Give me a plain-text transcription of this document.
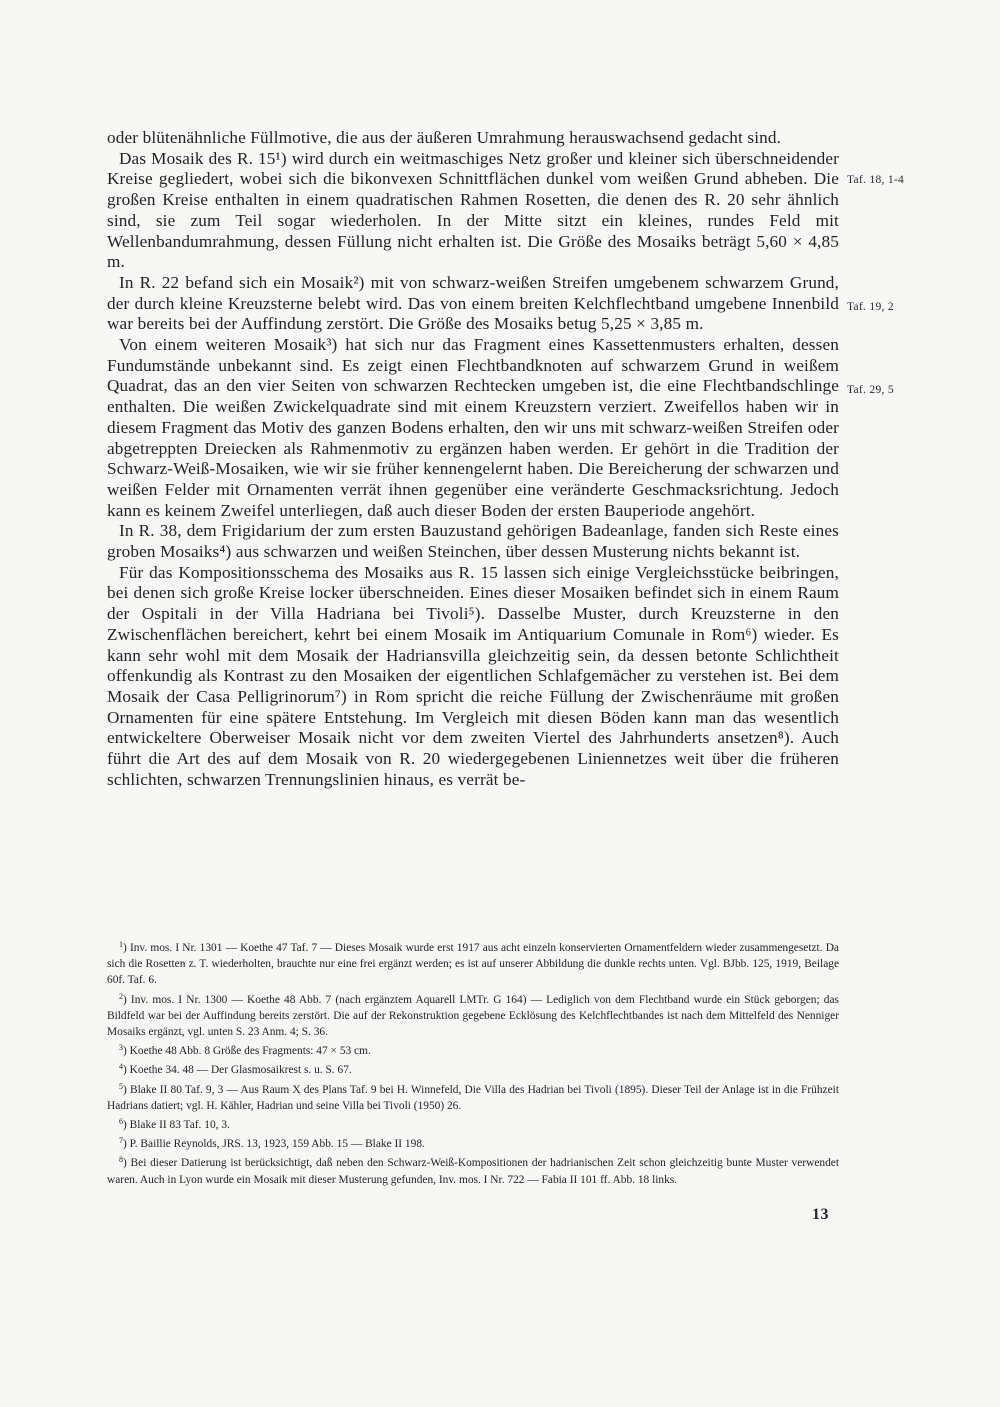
oder blütenähnliche Füllmotive, die aus der äußeren Umrahmung herauswachsend gedacht sind.

Das Mosaik des R. 15¹) wird durch ein weitmaschiges Netz großer und kleiner sich überschneidender Kreise gegliedert, wobei sich die bikonvexen Schnittflächen dunkel vom weißen Grund abheben. Die großen Kreise enthalten in einem quadratischen Rahmen Rosetten, die denen des R. 20 sehr ähnlich sind, sie zum Teil sogar wiederholen. In der Mitte sitzt ein kleines, rundes Feld mit Wellenbandumrahmung, dessen Füllung nicht erhalten ist. Die Größe des Mosaiks beträgt 5,60 × 4,85 m.

In R. 22 befand sich ein Mosaik²) mit von schwarz-weißen Streifen umgebenem schwarzem Grund, der durch kleine Kreuzsterne belebt wird. Das von einem breiten Kelchflechtband umgebene Innenbild war bereits bei der Auffindung zerstört. Die Größe des Mosaiks betug 5,25 × 3,85 m.

Von einem weiteren Mosaik³) hat sich nur das Fragment eines Kassettenmusters erhalten, dessen Fundumstände unbekannt sind. Es zeigt einen Flechtbandknoten auf schwarzem Grund in weißem Quadrat, das an den vier Seiten von schwarzen Rechtecken umgeben ist, die eine Flechtbandschlinge enthalten. Die weißen Zwickelquadrate sind mit einem Kreuzstern verziert. Zweifellos haben wir in diesem Fragment das Motiv des ganzen Bodens erhalten, den wir uns mit schwarz-weißen Streifen oder abgetreppten Dreiecken als Rahmenmotiv zu ergänzen haben werden. Er gehört in die Tradition der Schwarz-Weiß-Mosaiken, wie wir sie früher kennengelernt haben. Die Bereicherung der schwarzen und weißen Felder mit Ornamenten verrät ihnen gegenüber eine veränderte Geschmacksrichtung. Jedoch kann es keinem Zweifel unterliegen, daß auch dieser Boden der ersten Bauperiode angehört.

In R. 38, dem Frigidarium der zum ersten Bauzustand gehörigen Badeanlage, fanden sich Reste eines groben Mosaiks⁴) aus schwarzen und weißen Steinchen, über dessen Musterung nichts bekannt ist.

Für das Kompositionsschema des Mosaiks aus R. 15 lassen sich einige Vergleichsstücke beibringen, bei denen sich große Kreise locker überschneiden. Eines dieser Mosaiken befindet sich in einem Raum der Ospitali in der Villa Hadriana bei Tivoli⁵). Dasselbe Muster, durch Kreuzsterne in den Zwischenflächen bereichert, kehrt bei einem Mosaik im Antiquarium Comunale in Rom⁶) wieder. Es kann sehr wohl mit dem Mosaik der Hadriansvilla gleichzeitig sein, da dessen betonte Schlichtheit offenkundig als Kontrast zu den Mosaiken der eigentlichen Schlafgemächer zu verstehen ist. Bei dem Mosaik der Casa Pelligrinorum⁷) in Rom spricht die reiche Füllung der Zwischenräume mit großen Ornamenten für eine spätere Entstehung. Im Vergleich mit diesen Böden kann man das wesentlich entwickeltere Oberweiser Mosaik nicht vor dem zweiten Viertel des Jahrhunderts ansetzen⁸). Auch führt die Art des auf dem Mosaik von R. 20 wiedergegebenen Liniennetzes weit über die früheren schlichten, schwarzen Trennungslinien hinaus, es verrät be-

Taf. 18, 1-4
Taf. 19, 2
Taf. 29, 5

$^1$) Inv. mos. I Nr. 1301 — Koethe 47 Taf. 7 — Dieses Mosaik wurde erst 1917 aus acht einzeln konservierten Ornamentfeldern wieder zusammengesetzt. Da sich die Rosetten z. T. wiederholten, brauchte nur eine frei ergänzt werden; es ist auf unserer Abbildung die dunkle rechts unten. Vgl. BJbb. 125, 1919, Beilage 60f. Taf. 6.

$^2$) Inv. mos. I Nr. 1300 — Koethe 48 Abb. 7 (nach ergänztem Aquarell LMTr. G 164) — Lediglich von dem Flechtband wurde ein Stück geborgen; das Bildfeld war bei der Auffindung bereits zerstört. Die auf der Rekonstruktion gegebene Ecklösung des Kelchflechtbandes ist nach dem Mittelfeld des Nenniger Mosaiks ergänzt, vgl. unten S. 23 Anm. 4; S. 36.

$^3$) Koethe 48 Abb. 8 Größe des Fragments: 47 × 53 cm.

$^4$) Koethe 34. 48 — Der Glasmosaikrest s. u. S. 67.

$^5$) Blake II 80 Taf. 9, 3 — Aus Raum X des Plans Taf. 9 bei H. Winnefeld, Die Villa des Hadrian bei Tivoli (1895). Dieser Teil der Anlage ist in die Frühzeit Hadrians datiert; vgl. H. Kähler, Hadrian und seine Villa bei Tivoli (1950) 26.

$^6$) Blake II 83 Taf. 10, 3.

$^7$) P. Baillie Reynolds, JRS. 13, 1923, 159 Abb. 15 — Blake II 198.

$^8$) Bei dieser Datierung ist berücksichtigt, daß neben den Schwarz-Weiß-Kompositionen der hadrianischen Zeit schon gleichzeitig bunte Muster verwendet waren. Auch in Lyon wurde ein Mosaik mit dieser Musterung gefunden, Inv. mos. I Nr. 722 — Fabia II 101 ff. Abb. 18 links.

13
